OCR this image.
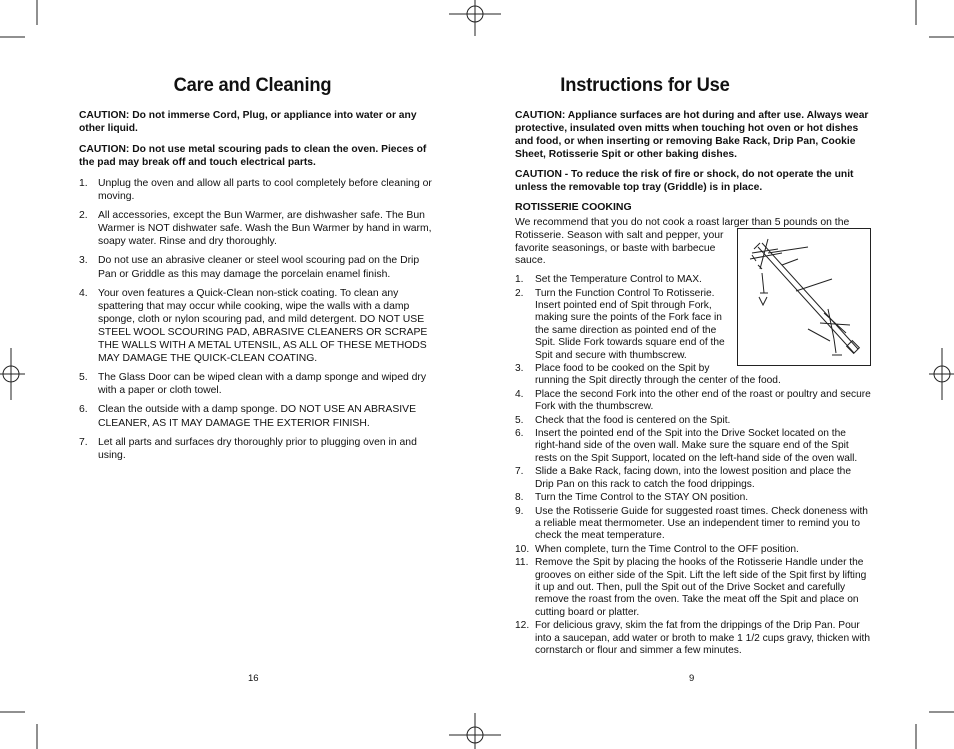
Care and Cleaning

CAUTION: Do not immerse Cord, Plug, or appliance into water or any other liquid.

CAUTION: Do not use metal scouring pads to clean the oven. Pieces of the pad may break off and touch electrical parts.

1. Unplug the oven and allow all parts to cool completely before cleaning or moving.
2. All accessories, except the Bun Warmer, are dishwasher safe. The Bun Warmer is NOT dishwater safe. Wash the Bun Warmer by hand in warm, soapy water. Rinse and dry thoroughly.
3. Do not use an abrasive cleaner or steel wool scouring pad on the Drip Pan or Griddle as this may damage the porcelain enamel finish.
4. Your oven features a Quick-Clean non-stick coating. To clean any spattering that may occur while cooking, wipe the walls with a damp sponge, cloth or nylon scouring pad, and mild detergent. DO NOT USE STEEL WOOL SCOURING PAD, ABRASIVE CLEANERS OR SCRAPE THE WALLS WITH A METAL UTENSIL, AS ALL OF THESE METHODS MAY DAMAGE THE QUICK-CLEAN COATING.
5. The Glass Door can be wiped clean with a damp sponge and wiped dry with a paper or cloth towel.
6. Clean the outside with a damp sponge. DO NOT USE AN ABRASIVE CLEANER, AS IT MAY DAMAGE THE EXTERIOR FINISH.
7. Let all parts and surfaces dry thoroughly prior to plugging oven in and using.
16
Instructions for Use

CAUTION: Appliance surfaces are hot during and after use. Always wear protective, insulated oven mitts when touching hot oven or hot dishes and food, or when inserting or removing Bake Rack, Drip Pan, Cookie Sheet, Rotisserie Spit or other baking dishes.

CAUTION - To reduce the risk of fire or shock, do not operate the unit unless the removable top tray (Griddle) is in place.

ROTISSERIE COOKING
We recommend that you do not cook a roast larger than 5 pounds on the
Rotisserie. Season with salt and pepper, your favorite seasonings, or baste with barbecue sauce.
1. Set the Temperature Control to MAX.
2. Turn the Function Control To Rotisserie. Insert pointed end of Spit through Fork, making sure the points of the Fork face in the same direction as pointed end of the Spit. Slide Fork towards square end of the Spit and secure with thumbscrew.
3. Place food to be cooked on the Spit by
running the Spit directly through the center of the food.
4. Place the second Fork into the other end of the roast or poultry and secure Fork with the thumbscrew.
5. Check that the food is centered on the Spit.
6. Insert the pointed end of the Spit into the Drive Socket located on the right-hand side of the oven wall. Make sure the square end of the Spit rests on the Spit Support, located on the left-hand side of the oven wall.
7. Slide a Bake Rack, facing down, into the lowest position and place the Drip Pan on this rack to catch the food drippings.
8. Turn the Time Control to the STAY ON position.
9. Use the Rotisserie Guide for suggested roast times. Check doneness with a reliable meat thermometer. Use an independent timer to remind you to check the meat temperature.
10. When complete, turn the Time Control to the OFF position.
11. Remove the Spit by placing the hooks of the Rotisserie Handle under the grooves on either side of the Spit. Lift the left side of the Spit first by lifting it up and out. Then, pull the Spit out of the Drive Socket and carefully remove the roast from the oven. Take the meat off the Spit and place on cutting board or platter.
12. For delicious gravy, skim the fat from the drippings of the Drip Pan. Pour into a saucepan, add water or broth to make 1 1/2 cups gravy, thicken with cornstarch or flour and simmer a few minutes.
9
